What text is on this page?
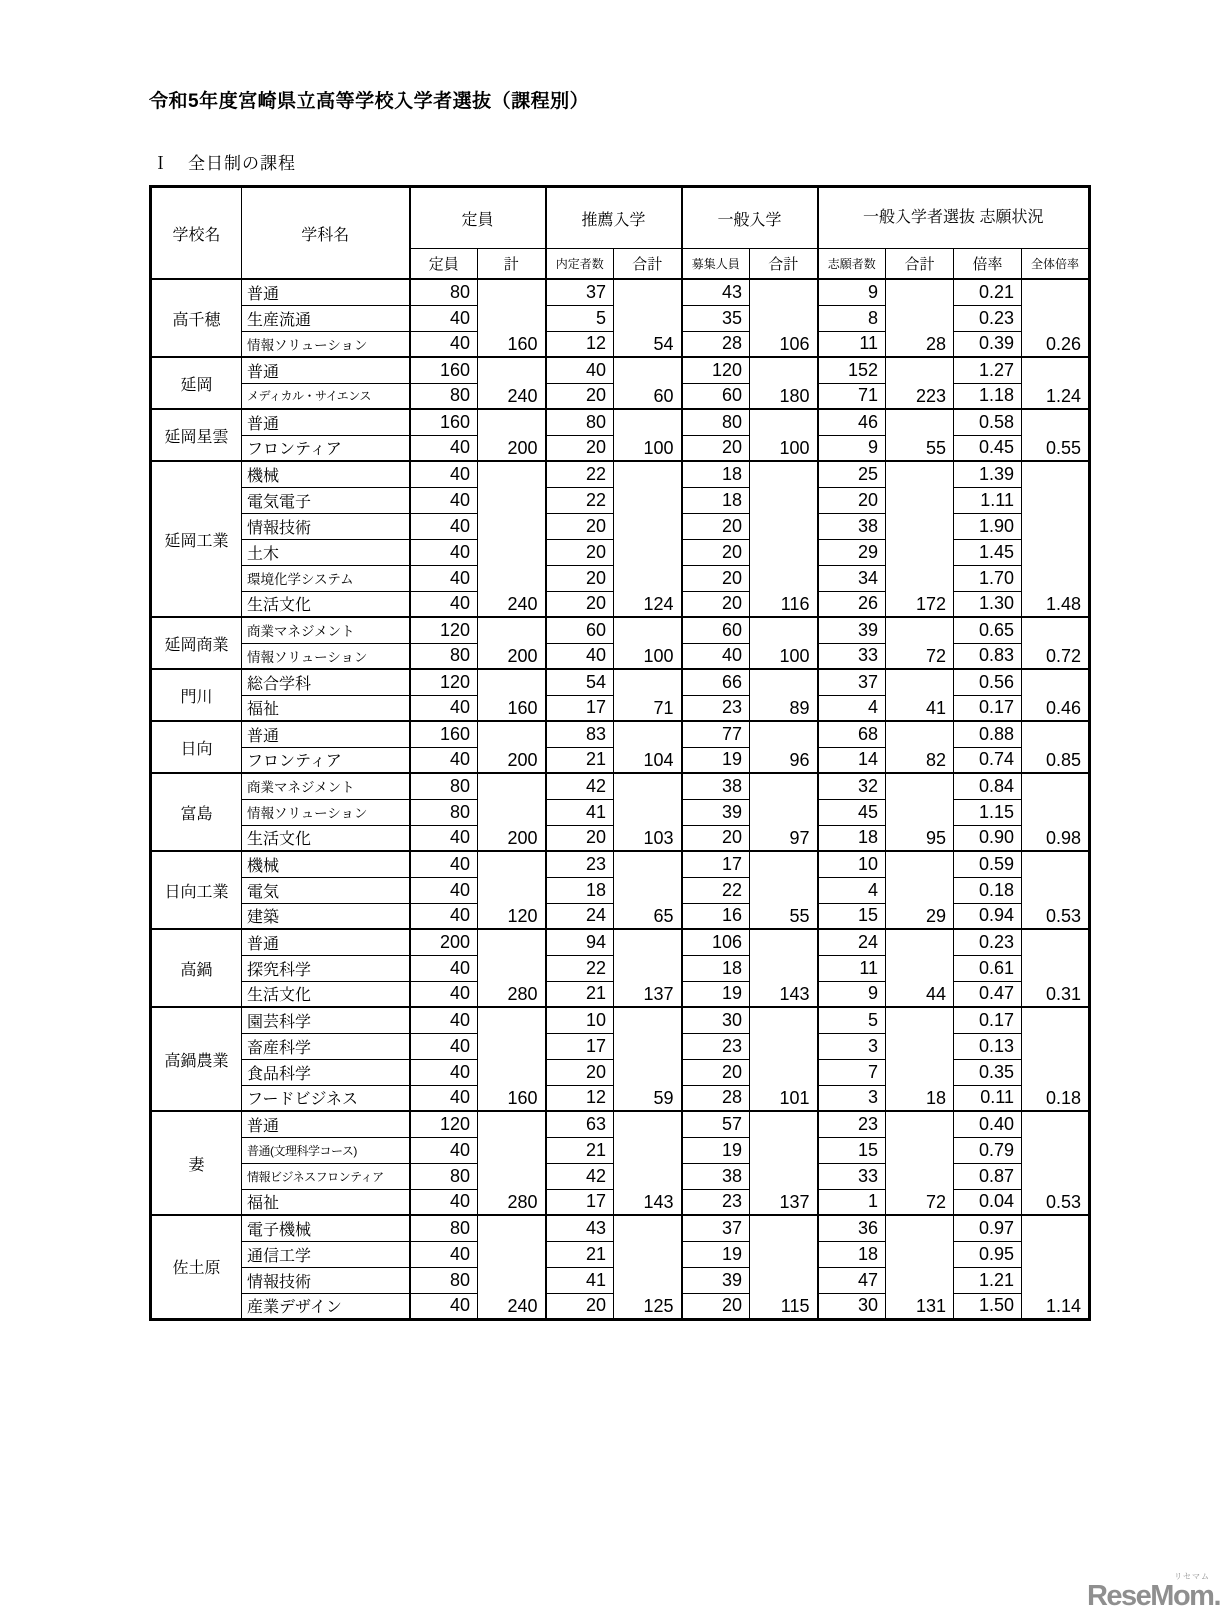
令和5年度宮崎県立高等学校入学者選抜（課程別）
Ｉ　全日制の課程
学校名	学科名	定員		推薦入学		一般入学		一般入学者選抜 志願状況			
		定員	計	内定者数	合計	募集人員	合計	志願者数	合計	倍率	全体倍率
高千穂	普通	80	160	37	54	43	106	9	28	0.21	0.26
	生産流通	40		5		35		8		0.23	
	情報ソリューション	40		12		28		11		0.39	
延岡	普通	160	240	40	60	120	180	152	223	1.27	1.24
	メディカル・サイエンス	80		20		60		71		1.18	
延岡星雲	普通	160	200	80	100	80	100	46	55	0.58	0.55
	フロンティア	40		20		20		9		0.45	
延岡工業	機械	40	240	22	124	18	116	25	172	1.39	1.48
	電気電子	40		22		18		20		1.11	
	情報技術	40		20		20		38		1.90	
	土木	40		20		20		29		1.45	
	環境化学システム	40		20		20		34		1.70	
	生活文化	40		20		20		26		1.30	
延岡商業	商業マネジメント	120	200	60	100	60	100	39	72	0.65	0.72
	情報ソリューション	80		40		40		33		0.83	
門川	総合学科	120	160	54	71	66	89	37	41	0.56	0.46
	福祉	40		17		23		4		0.17	
日向	普通	160	200	83	104	77	96	68	82	0.88	0.85
	フロンティア	40		21		19		14		0.74	
富島	商業マネジメント	80	200	42	103	38	97	32	95	0.84	0.98
	情報ソリューション	80		41		39		45		1.15	
	生活文化	40		20		20		18		0.90	
日向工業	機械	40	120	23	65	17	55	10	29	0.59	0.53
	電気	40		18		22		4		0.18	
	建築	40		24		16		15		0.94	
高鍋	普通	200	280	94	137	106	143	24	44	0.23	0.31
	探究科学	40		22		18		11		0.61	
	生活文化	40		21		19		9		0.47	
高鍋農業	園芸科学	40	160	10	59	30	101	5	18	0.17	0.18
	畜産科学	40		17		23		3		0.13	
	食品科学	40		20		20		7		0.35	
	フードビジネス	40		12		28		3		0.11	
妻	普通	120	280	63	143	57	137	23	72	0.40	0.53
	普通(文理科学コース)	40		21		19		15		0.79	
	情報ビジネスフロンティア	80		42		38		33		0.87	
	福祉	40		17		23		1		0.04	
佐土原	電子機械	80	240	43	125	37	115	36	131	0.97	1.14
	通信工学	40		21		19		18		0.95	
	情報技術	80		41		39		47		1.21	
	産業デザイン	40		20		20		30		1.50	
リセマム
ReseMom.
